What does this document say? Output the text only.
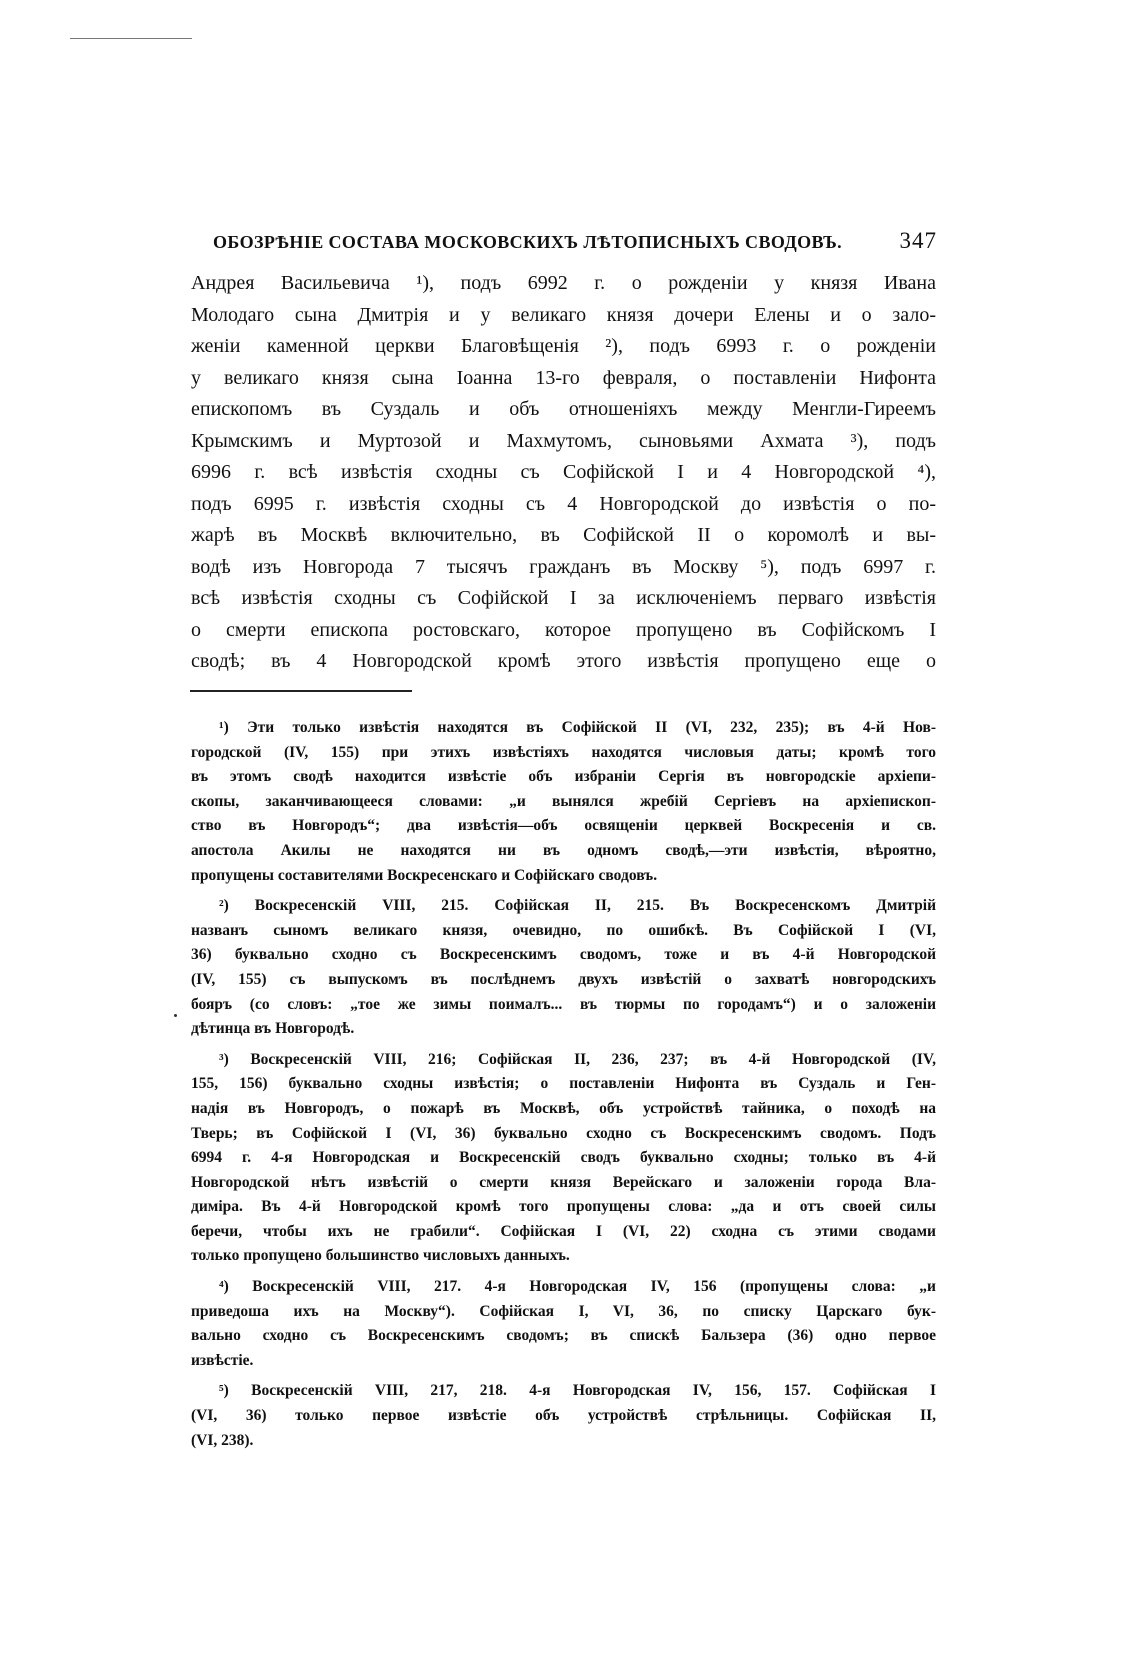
ОБОЗРѢНІЕ СОСТАВА МОСКОВСКИХЪ ЛѢТОПИСНЫХЪ СВОДОВЪ. 347
Андрея Васильевича ¹), подъ 6992 г. о рожденіи у князя Ивана
Молодаго сына Дмитрія и у великаго князя дочери Елены и о зало-
женіи каменной церкви Благовѣщенія ²), подъ 6993 г. о рожденіи
у великаго князя сына Іоанна 13-го февраля, о поставленіи Нифонта
епископомъ въ Суздаль и объ отношеніяхъ между Менгли-Гиреемъ
Крымскимъ и Муртозой и Махмутомъ, сыновьями Ахмата ³), подъ
6996 г. всѣ извѣстія сходны съ Софійской I и 4 Новгородской ⁴),
подъ 6995 г. извѣстія сходны съ 4 Новгородской до извѣстія о по-
жарѣ въ Москвѣ включительно, въ Софійской II о коромолѣ и вы-
водѣ изъ Новгорода 7 тысячъ гражданъ въ Москву ⁵), подъ 6997 г.
всѣ извѣстія сходны съ Софійской I за исключеніемъ перваго извѣстія
о смерти епископа ростовскаго, которое пропущено въ Софійскомъ I
сводѣ; въ 4 Новгородской кромѣ этого извѣстія пропущено еще о
¹) Эти только извѣстія находятся въ Софійской II (VI, 232, 235); въ 4-й Нов-
городской (IV, 155) при этихъ извѣстіяхъ находятся числовыя даты; кромѣ того
въ этомъ сводѣ находится извѣстіе объ избраніи Сергія въ новгородскіе архіепи-
скопы, заканчивающееся словами: „и вынялся жребій Сергіевъ на архіепископ-
ство въ Новгородъ“; два извѣстія—объ освященіи церквей Воскресенія и св.
апостола Акилы не находятся ни въ одномъ сводѣ,—эти извѣстія, вѣроятно,
пропущены составителями Воскресенскаго и Софійскаго сводовъ.
²) Воскресенскій VIII, 215. Софійская II, 215. Въ Воскресенскомъ Дмитрій
названъ сыномъ великаго князя, очевидно, по ошибкѣ. Въ Софійской I (VI,
36) буквально сходно съ Воскресенскимъ сводомъ, тоже и въ 4-й Новгородской
(IV, 155) съ выпускомъ въ послѣднемъ двухъ извѣстій о захватѣ новгородскихъ
бояръ (со словъ: „тое же зимы поималъ... въ тюрмы по городамъ“) и о заложеніи
дѣтинца въ Новгородѣ.
³) Воскресенскій VIII, 216; Софійская II, 236, 237; въ 4-й Новгородской (IV,
155, 156) буквально сходны извѣстія; о поставленіи Нифонта въ Суздаль и Ген-
надія въ Новгородъ, о пожарѣ въ Москвѣ, объ устройствѣ тайника, о походѣ на
Тверь; въ Софійской I (VI, 36) буквально сходно съ Воскресенскимъ сводомъ. Подъ
6994 г. 4-я Новгородская и Воскресенскій сводъ буквально сходны; только въ 4-й
Новгородской нѣтъ извѣстій о смерти князя Верейскаго и заложеніи города Вла-
диміра. Въ 4-й Новгородской кромѣ того пропущены слова: „да и отъ своей силы
беречи, чтобы ихъ не грабили“. Софійская I (VI, 22) сходна съ этими сводами
только пропущено большинство числовыхъ данныхъ.
⁴) Воскресенскій VIII, 217. 4-я Новгородская IV, 156 (пропущены слова: „и
приведоша ихъ на Москву“). Софійская I, VI, 36, по списку Царскаго бук-
вально сходно съ Воскресенскимъ сводомъ; въ спискѣ Бальзера (36) одно первое
извѣстіе.
⁵) Воскресенскій VIII, 217, 218. 4-я Новгородская IV, 156, 157. Софійская I
(VI, 36) только первое извѣстіе объ устройствѣ стрѣльницы. Софійская II,
(VI, 238).
